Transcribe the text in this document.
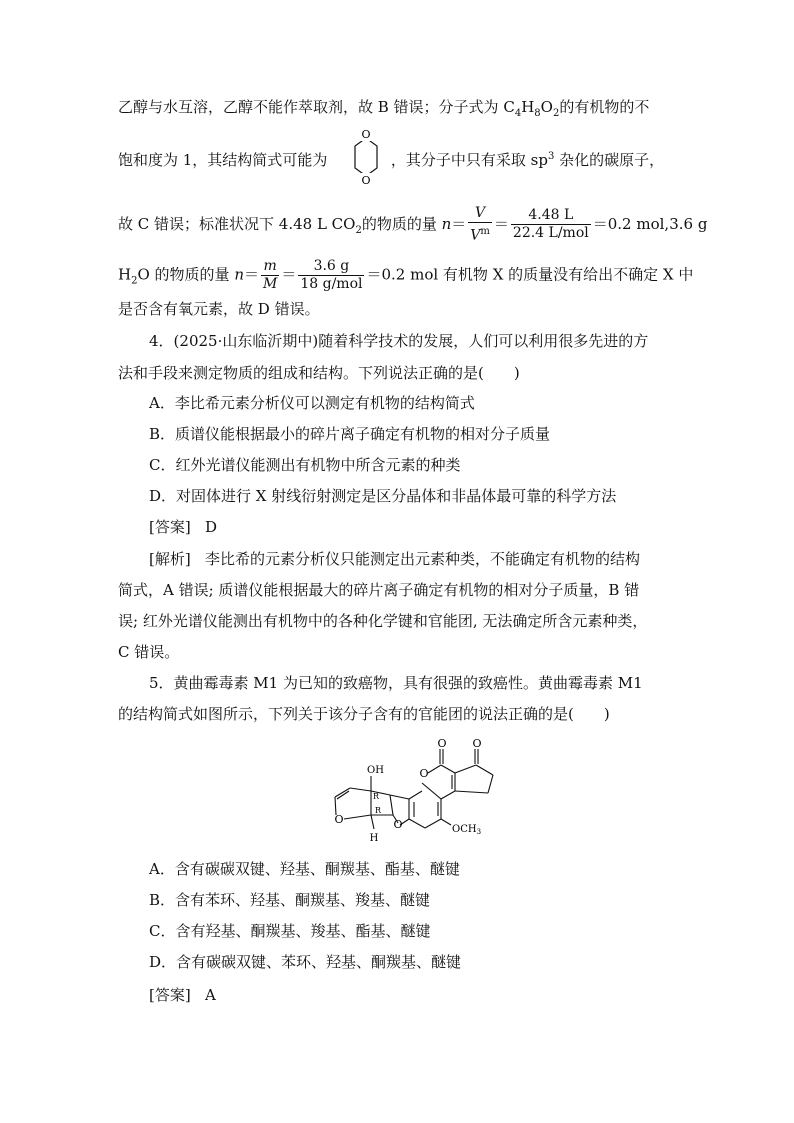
乙醇与水互溶，乙醇不能作萃取剂，故 B 错误；分子式为 $C_4H_8O_2$的有机物的不
饱和度为 1，其结构简式可能为	，其分子中只有采取 $sp^3$ 杂化的碳原子，
O
O
故 C 错误；标准状况下 4.48 L $CO_2$的物质的量 $n= \frac{V}{V^m} = \frac{4.48 L}{\text{22.4 L/mol}} =0.2$ mol,3.6 g
$H_2O$ 的物质的量 $n= \frac{m}{M} = \frac{3.6 g}{\text{18 g/mol}} =0.2$ mol 有机物 X 的质量没有给出不确定 X 中
是否含有氧元素，故 D 错误。
4．(2025·山东临沂期中)随着科学技术的发展，人们可以利用很多先进的方
法和手段来测定物质的组成和结构。下列说法正确的是(　　)
A．李比希元素分析仪可以测定有机物的结构简式
B．质谱仪能根据最小的碎片离子确定有机物的相对分子质量
C．红外光谱仪能测出有机物中所含元素的种类
D．对固体进行 X 射线衍射测定是区分晶体和非晶体最可靠的科学方法
[答案] D
[解析] 李比希的元素分析仪只能测定出元素种类，不能确定有机物的结构
简式，A 错误; 质谱仪能根据最大的碎片离子确定有机物的相对分子质量，B 错
误; 红外光谱仪能测出有机物中的各种化学键和官能团, 无法确定所含元素种类，
C 错误。
5．黄曲霉毒素 M1 为已知的致癌物，具有很强的致癌性。黄曲霉毒素 M1
的结构简式如图所示，下列关于该分子含有的官能团的说法正确的是(　　)
O O
OH
R
R
O
O
O
$OCH_3$
H
A．含有碳碳双键、羟基、酮羰基、酯基、醚键
B．含有苯环、羟基、酮羰基、羧基、醚键
C．含有羟基、酮羰基、羧基、酯基、醚键
D．含有碳碳双键、苯环、羟基、酮羰基、醚键
[答案] A
